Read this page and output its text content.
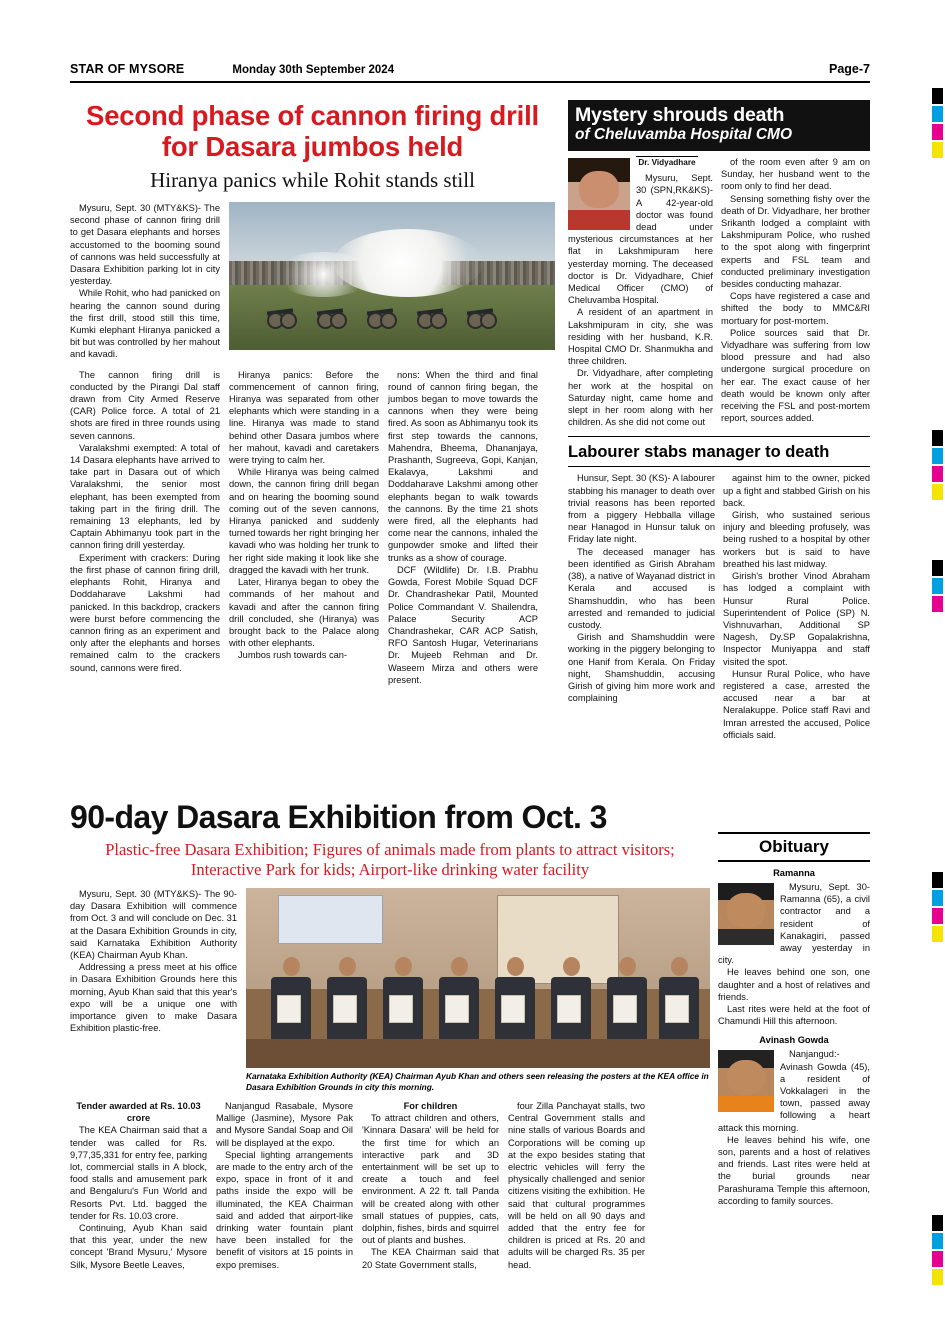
STAR OF MYSORE	Monday 30th September 2024	Page-7
Second phase of cannon firing drill for Dasara jumbos held
Hiranya panics while Rohit stands still

Mysuru, Sept. 30 (MTY&KS)- The second phase of cannon firing drill to get Dasara elephants and horses accustomed to the booming sound of cannons was held successfully at Dasara Exhibition parking lot in city yesterday.

While Rohit, who had panicked on hearing the cannon sound during the first drill, stood still this time, Kumki elephant Hiranya panicked a bit but was controlled by her mahout and kavadi.

The cannon firing drill is conducted by the Pirangi Dal staff drawn from City Armed Reserve (CAR) Police force. A total of 21 shots are fired in three rounds using seven cannons.

Varalakshmi exempted: A total of 14 Dasara elephants have arrived to take part in Dasara out of which Varalakshmi, the senior most elephant, has been exempted from taking part in the firing drill. The remaining 13 elephants, led by Captain Abhimanyu took part in the cannon firing drill yesterday.

Experiment with crackers: During the first phase of cannon firing drill, elephants Rohit, Hiranya and Doddaharave Lakshmi had panicked. In this backdrop, crackers were burst before commencing the cannon firing as an experiment and only after the elephants and horses remained calm to the crackers sound, cannons were fired.

Hiranya panics: Before the commencement of cannon firing, Hiranya was separated from other elephants which were standing in a line. Hiranya was made to stand behind other Dasara jumbos where her mahout, kavadi and caretakers were trying to calm her.

While Hiranya was being calmed down, the cannon firing drill began and on hearing the booming sound coming out of the seven cannons, Hiranya panicked and suddenly turned towards her right bringing her kavadi who was holding her trunk to her right side making it look like she dragged the kavadi with her trunk.

Later, Hiranya began to obey the commands of her mahout and kavadi and after the cannon firing drill concluded, she (Hiranya) was brought back to the Palace along with other elephants.

Jumbos rush towards can-

nons: When the third and final round of cannon firing began, the jumbos began to move towards the cannons when they were being fired. As soon as Abhimanyu took its first step towards the cannons, Mahendra, Bheema, Dhananjaya, Prashanth, Sugreeva, Gopi, Kanjan, Ekalavya, Lakshmi and Doddaharave Lakshmi among other elephants began to walk towards the cannons. By the time 21 shots were fired, all the elephants had come near the cannons, inhaled the gunpowder smoke and lifted their trunks as a show of courage.

DCF (Wildlife) Dr. I.B. Prabhu Gowda, Forest Mobile Squad DCF Dr. Chandrashekar Patil, Mounted Police Commandant V. Shailendra, Palace Security ACP Chandrashekar, CAR ACP Satish, RFO Santosh Hugar, Veterinarians Dr. Mujeeb Rehman and Dr. Waseem Mirza and others were present.

Mystery shrouds death
of Cheluvamba Hospital CMO
Dr. Vidyadhare

Mysuru, Sept. 30 (SPN,RK&KS)- A 42-year-old doctor was found dead under mysterious circumstances at her flat in Lakshmipuram here yesterday morning. The deceased doctor is Dr. Vidyadhare, Chief Medical Officer (CMO) of Cheluvamba Hospital.

A resident of an apartment in Lakshmipuram in city, she was residing with her husband, K.R. Hospital CMO Dr. Shanmukha and three children.

Dr. Vidyadhare, after completing her work at the hospital on Saturday night, came home and slept in her room along with her children. As she did not come out

of the room even after 9 am on Sunday, her husband went to the room only to find her dead.

Sensing something fishy over the death of Dr. Vidyadhare, her brother Srikanth lodged a complaint with Lakshmipuram Police, who rushed to the spot along with fingerprint experts and FSL team and conducted preliminary investigation besides conducting mahazar.

Cops have registered a case and shifted the body to MMC&RI mortuary for post-mortem.

Police sources said that Dr. Vidyadhare was suffering from low blood pressure and had also undergone surgical procedure on her ear. The exact cause of her death would be known only after receiving the FSL and post-mortem report, sources added.

Labourer stabs manager to death

Hunsur, Sept. 30 (KS)- A labourer stabbing his manager to death over trivial reasons has been reported from a piggery Hebballa village near Hanagod in Hunsur taluk on Friday late night.

The deceased manager has been identified as Girish Abraham (38), a native of Wayanad district in Kerala and accused is Shamshuddin, who has been arrested and remanded to judicial custody.

Girish and Shamshuddin were working in the piggery belonging to one Hanif from Kerala. On Friday night, Shamshuddin, accusing Girish of giving him more work and complaining

against him to the owner, picked up a fight and stabbed Girish on his back.

Girish, who sustained serious injury and bleeding profusely, was being rushed to a hospital by other workers but is said to have breathed his last midway.

Girish's brother Vinod Abraham has lodged a complaint with Hunsur Rural Police. Superintendent of Police (SP) N. Vishnuvarhan, Additional SP Nagesh, Dy.SP Gopalakrishna, Inspector Muniyappa and staff visited the spot.

Hunsur Rural Police, who have registered a case, arrested the accused near a bar at Neralakuppe. Police staff Ravi and Imran arrested the accused, Police officials said.

90-day Dasara Exhibition from Oct. 3
Plastic-free Dasara Exhibition; Figures of animals made from plants to attract visitors; Interactive Park for kids; Airport-like drinking water facility

Mysuru, Sept. 30 (MTY&KS)- The 90-day Dasara Exhibition will commence from Oct. 3 and will conclude on Dec. 31 at the Dasara Exhibition Grounds in city, said Karnataka Exhibition Authority (KEA) Chairman Ayub Khan.

Addressing a press meet at his office in Dasara Exhibition Grounds here this morning, Ayub Khan said that this year's expo will be a unique one with importance given to make Dasara Exhibition plastic-free.

Karnataka Exhibition Authority (KEA) Chairman Ayub Khan and others seen releasing the posters at the KEA office in Dasara Exhibition Grounds in city this morning.

Tender awarded at Rs. 10.03 crore

The KEA Chairman said that a tender was called for Rs. 9,77,35,331 for entry fee, parking lot, commercial stalls in A block, food stalls and amusement park and Bengaluru's Fun World and Resorts Pvt. Ltd. bagged the tender for Rs. 10.03 crore.

Continuing, Ayub Khan said that this year, under the new concept 'Brand Mysuru,' Mysore Silk, Mysore Beetle Leaves,

Nanjangud Rasabale, Mysore Mallige (Jasmine), Mysore Pak and Mysore Sandal Soap and Oil will be displayed at the expo.

Special lighting arrangements are made to the entry arch of the expo, space in front of it and paths inside the expo will be illuminated, the KEA Chairman said and added that airport-like drinking water fountain plant have been installed for the benefit of visitors at 15 points in expo premises.

For children

To attract children and others, 'Kinnara Dasara' will be held for the first time for which an interactive park and 3D entertainment will be set up to create a touch and feel environment. A 22 ft. tall Panda will be created along with other small statues of puppies, cats, dolphin, fishes, birds and squirrel out of plants and bushes.

The KEA Chairman said that 20 State Government stalls,

four Zilla Panchayat stalls, two Central Government stalls and nine stalls of various Boards and Corporations will be coming up at the expo besides stating that electric vehicles will ferry the physically challenged and senior citizens visiting the exhibition. He said that cultural programmes will be held on all 90 days and added that the entry fee for children is priced at Rs. 20 and adults will be charged Rs. 35 per head.

Obituary
Ramanna

Mysuru, Sept. 30- Ramanna (65), a civil contractor and a resident of Kanakagiri, passed away yesterday in city.

He leaves behind one son, one daughter and a host of relatives and friends.

Last rites were held at the foot of Chamundi Hill this afternoon.

Avinash Gowda

Nanjangud:- Avinash Gowda (45), a resident of Vokkalageri in the town, passed away following a heart attack this morning.

He leaves behind his wife, one son, parents and a host of relatives and friends. Last rites were held at the burial grounds near Parashurama Temple this afternoon, according to family sources.
